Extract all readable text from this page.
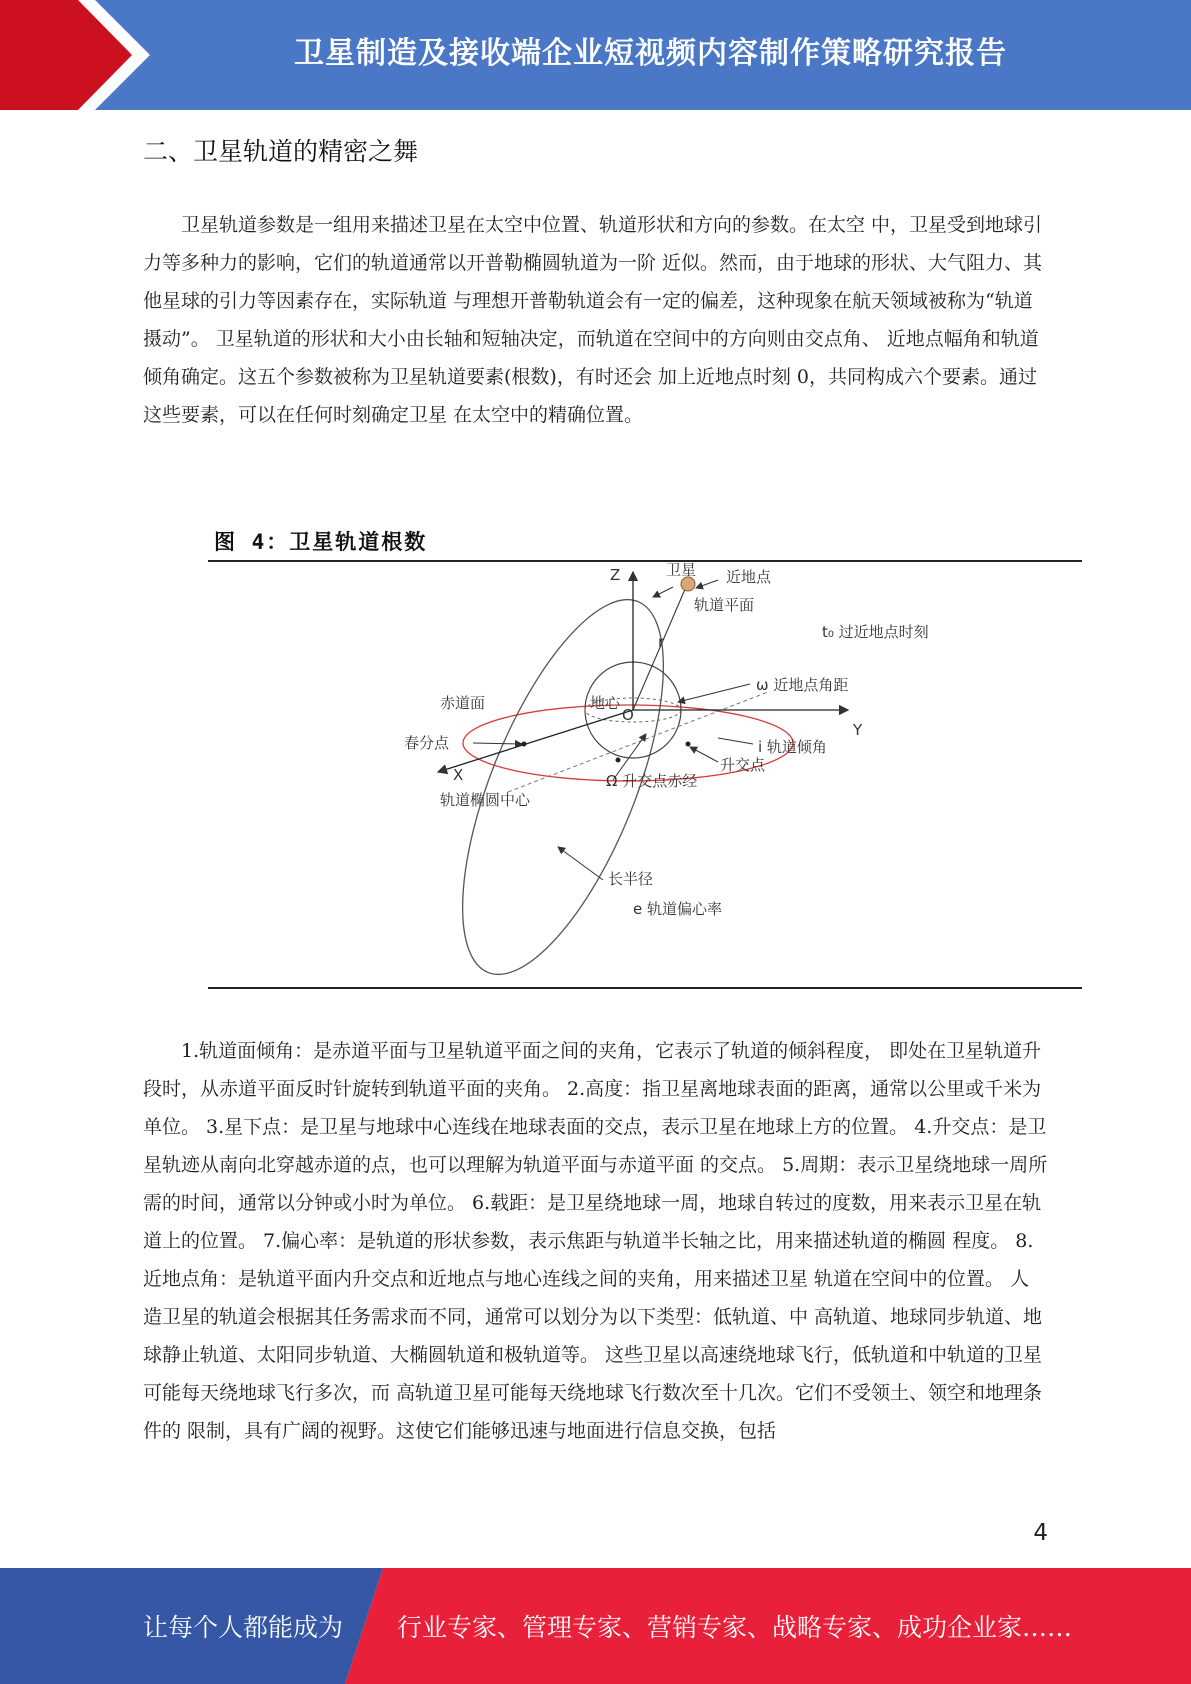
卫星制造及接收端企业短视频内容制作策略研究报告
二、卫星轨道的精密之舞

  卫星轨道参数是一组用来描述卫星在太空中位置、轨道形状和方向的参数。在太空 中，卫星受到地球引力等多种力的影响，它们的轨道通常以开普勒椭圆轨道为一阶 近似。然而，由于地球的形状、大气阻力、其他星球的引力等因素存在，实际轨道 与理想开普勒轨道会有一定的偏差，这种现象在航天领域被称为“轨道摄动”。 卫星轨道的形状和大小由长轴和短轴决定，而轨道在空间中的方向则由交点角、 近地点幅角和轨道倾角确定。这五个参数被称为卫星轨道要素(根数)，有时还会 加上近地点时刻 0，共同构成六个要素。通过这些要素，可以在任何时刻确定卫星 在太空中的精确位置。

图 4：卫星轨道根数
Z	卫星 近地点
轨道平面
t₀ 过近地点时刻
r
赤道面	地心
O
ω 近地点角距
Y
春分点	i 轨道倾角
X
升交点
Ω 升交点赤经
轨道椭圆中心
长半径
e 轨道偏心率

  1.轨道面倾角：是赤道平面与卫星轨道平面之间的夹角，它表示了轨道的倾斜程度， 即处在卫星轨道升段时，从赤道平面反时针旋转到轨道平面的夹角。 2.高度：指卫星离地球表面的距离，通常以公里或千米为单位。 3.星下点：是卫星与地球中心连线在地球表面的交点，表示卫星在地球上方的位置。 4.升交点：是卫星轨迹从南向北穿越赤道的点，也可以理解为轨道平面与赤道平面 的交点。 5.周期：表示卫星绕地球一周所需的时间，通常以分钟或小时为单位。 6.载距：是卫星绕地球一周，地球自转过的度数，用来表示卫星在轨道上的位置。 7.偏心率：是轨道的形状参数，表示焦距与轨道半长轴之比，用来描述轨道的椭圆 程度。 8.近地点角：是轨道平面内升交点和近地点与地心连线之间的夹角，用来描述卫星 轨道在空间中的位置。 人造卫星的轨道会根据其任务需求而不同，通常可以划分为以下类型：低轨道、中 高轨道、地球同步轨道、地球静止轨道、太阳同步轨道、大椭圆轨道和极轨道等。 这些卫星以高速绕地球飞行，低轨道和中轨道的卫星可能每天绕地球飞行多次，而 高轨道卫星可能每天绕地球飞行数次至十几次。它们不受领土、领空和地理条件的 限制，具有广阔的视野。这使它们能够迅速与地面进行信息交换，包括

4
让每个人都能成为 行业专家、管理专家、营销专家、战略专家、成功企业家……
